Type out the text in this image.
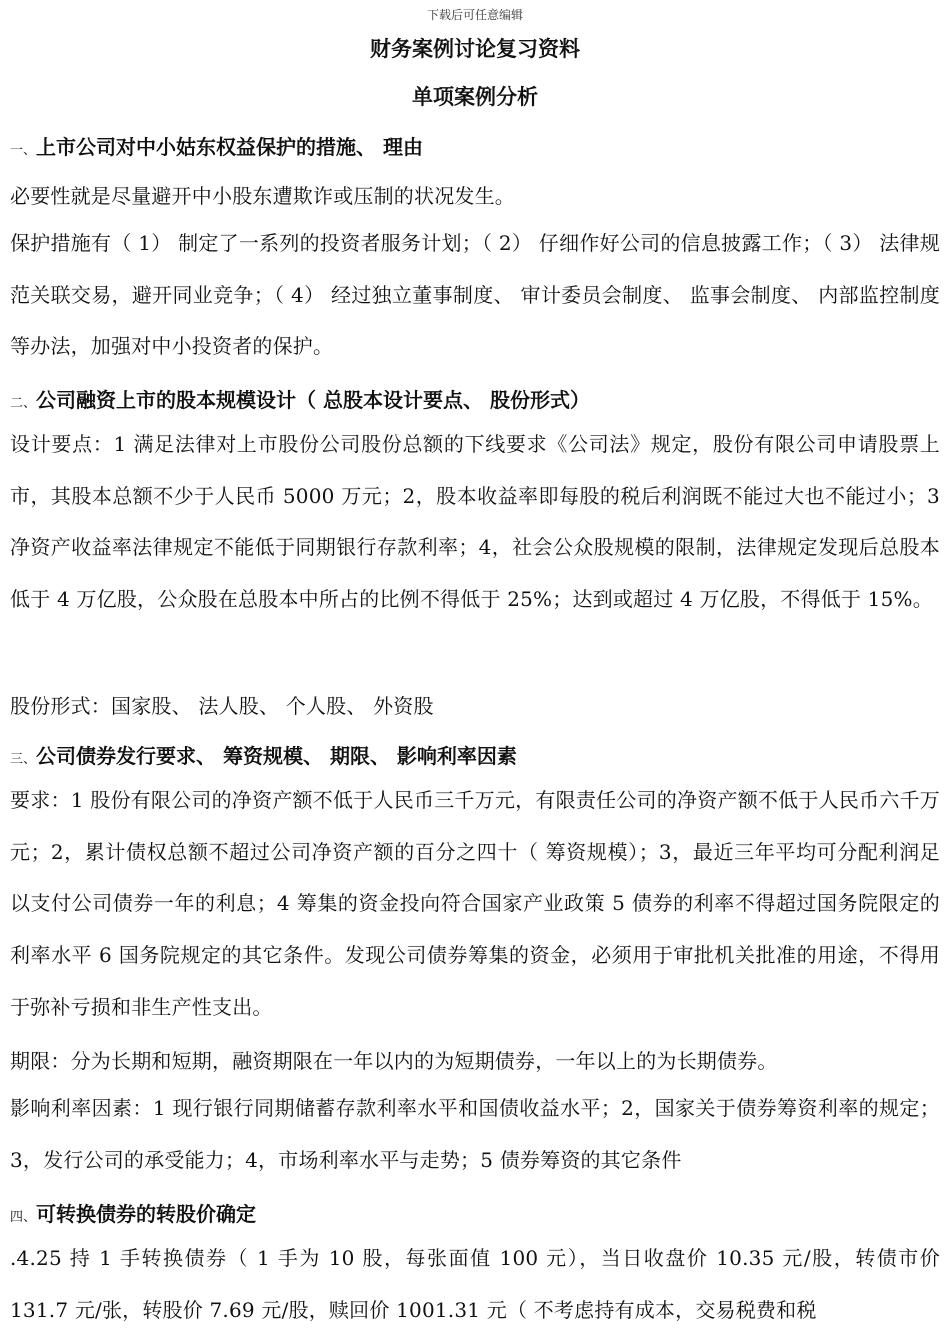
下载后可任意编辑
财务案例讨论复习资料
单项案例分析
一、上市公司对中小姑东权益保护的措施、 理由
必要性就是尽量避开中小股东遭欺诈或压制的状况发生。
保护措施有（ 1） 制定了一系列的投资者服务计划；（ 2） 仔细作好公司的信息披露工作；（ 3） 法律规范关联交易，避开同业竞争；（ 4） 经过独立董事制度、 审计委员会制度、 监事会制度、 内部监控制度等办法，加强对中小投资者的保护。
二、公司融资上市的股本规模设计（ 总股本设计要点、 股份形式）
设计要点：1 满足法律对上市股份公司股份总额的下线要求《公司法》规定，股份有限公司申请股票上市，其股本总额不少于人民币 5000 万元；2，股本收益率即每股的税后利润既不能过大也不能过小；3 净资产收益率法律规定不能低于同期银行存款利率；4，社会公众股规模的限制，法律规定发现后总股本低于 4 万亿股，公众股在总股本中所占的比例不得低于 25%；达到或超过 4 万亿股，不得低于 15%。
股份形式：国家股、 法人股、 个人股、 外资股
三、公司债券发行要求、 筹资规模、 期限、 影响利率因素
要求：1 股份有限公司的净资产额不低于人民币三千万元，有限责任公司的净资产额不低于人民币六千万元；2，累计债权总额不超过公司净资产额的百分之四十（ 筹资规模）；3，最近三年平均可分配利润足以支付公司债券一年的利息；4 筹集的资金投向符合国家产业政策 5 债券的利率不得超过国务院限定的利率水平 6 国务院规定的其它条件。发现公司债券筹集的资金，必须用于审批机关批准的用途，不得用于弥补亏损和非生产性支出。
期限：分为长期和短期，融资期限在一年以内的为短期债券，一年以上的为长期债券。
影响利率因素：1 现行银行同期储蓄存款利率水平和国债收益水平；2，国家关于债券筹资利率的规定；3，发行公司的承受能力；4，市场利率水平与走势；5 债券筹资的其它条件
四、可转换债券的转股价确定
.4.25 持 1 手转换债券（ 1 手为 10 股，每张面值 100 元），当日收盘价 10.35 元/股，转债市价 131.7 元/张，转股价 7.69 元/股，赎回价 1001.31 元（ 不考虑持有成本，交易税费和税
